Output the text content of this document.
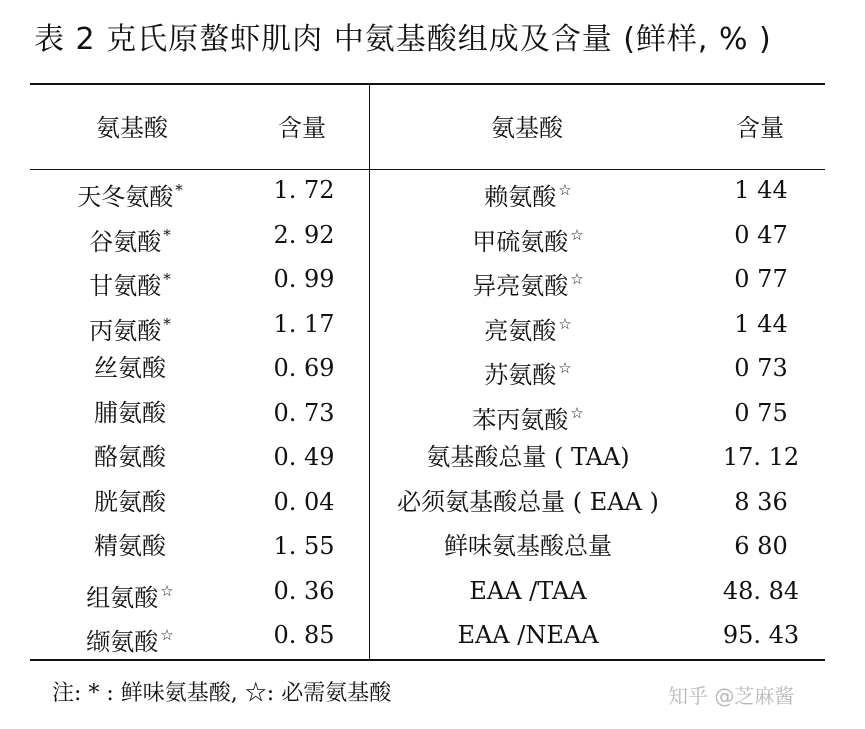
表 2 克氏原螯虾肌肉 中氨基酸组成及含量 (鲜样, % )
氨基酸	含量	氨基酸	含量
天冬氨酸 *	1. 72	赖氨酸 ☆	1 44
谷氨酸 *	2. 92	甲硫氨酸 ☆	0 47
甘氨酸 *	0. 99	异亮氨酸 ☆	0 77
丙氨酸 *	1. 17	亮氨酸 ☆	1 44
丝氨酸	0. 69	苏氨酸 ☆	0 73
脯氨酸	0. 73	苯丙氨酸 ☆	0 75
酪氨酸	0. 49	氨基酸总量 ( TAA)	17. 12
胱氨酸	0. 04	必须氨基酸总量 ( EAA )	8 36
精氨酸	1. 55	鲜味氨基酸总量	6 80
组氨酸 ☆	0. 36	EAA /TAA	48. 84
缬氨酸 ☆	0. 85	EAA /NEAA	95. 43
注: * : 鲜味氨基酸, ☆: 必需氨基酸	知乎 @芝麻酱
